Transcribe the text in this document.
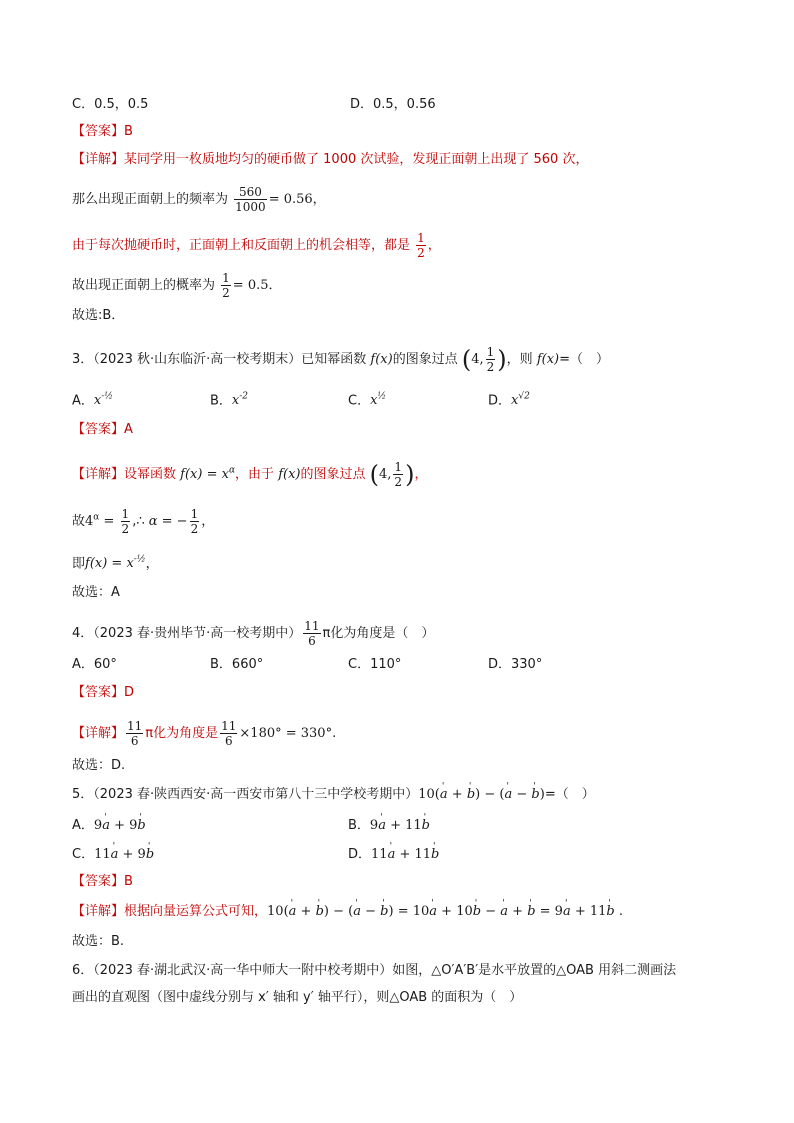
C．0.5，0.5	D．0.5，0.56
【答案】B
【详解】某同学用一枚质地均匀的硬币做了 1000 次试验，发现正面朝上出现了 560 次，
那么出现正面朝上的频率为 $\frac{560}{1000} = 0.56$，
由于每次抛硬币时，正面朝上和反面朝上的机会相等，都是 $\frac{1}{2}$ ，
故出现正面朝上的概率为 $\frac{1}{2} = 0.5$．
故选:B．
3．（2023 秋·山东临沂·高一校考期末）已知幂函数 f(x)的图象过点 (4, $\frac{1}{2}$ )，则 f(x)=（　）
A．$x^{-\frac{1}{2}}$	B．$x^{-2}$	C．$x^{\frac{1}{2}}$	D．$x^{√2}$
【答案】A
【详解】设幂函数 $f(x) = x^\alpha$，由于 f(x)的图象过点 (4, $\frac{1}{2}$ )，
故$4^\alpha = \frac{1}{2}$ ,∴ α = − $\frac{1}{2}$ ，
即$f(x) = x^{-\frac{1}{2}}$，
故选：A
4．（2023 春·贵州毕节·高一校考期中） $\frac{11}{6}$ π化为角度是（　）
A．60°	B．660°	C．110°	D．330°
【答案】D
【详解】 $\frac{11}{6}$ π化为角度是 $\frac{11}{6} \times 180^\circ = 330^\circ$.
故选：D.
5．（2023 春·陕西西安·高一西安市第八十三中学校考期中）10(' a + ' b) − (' a − ' b)=（　）
A．9' a + 9' b	B．9' a + 11' b
C．11' a + 9' b	D．11' a + 11' b
【答案】B
【详解】根据向量运算公式可知，10(' a + ' b) − (' a − ' b) = 10' a + 10' b − ' a + ' b = 9' a + 11' b .
故选：B.
6．（2023 春·湖北武汉·高一华中师大一附中校考期中）如图，△O′A′B′是水平放置的△OAB 用斜二测画法
画出的直观图（图中虚线分别与 x′ 轴和 y′ 轴平行），则△OAB 的面积为（　）
